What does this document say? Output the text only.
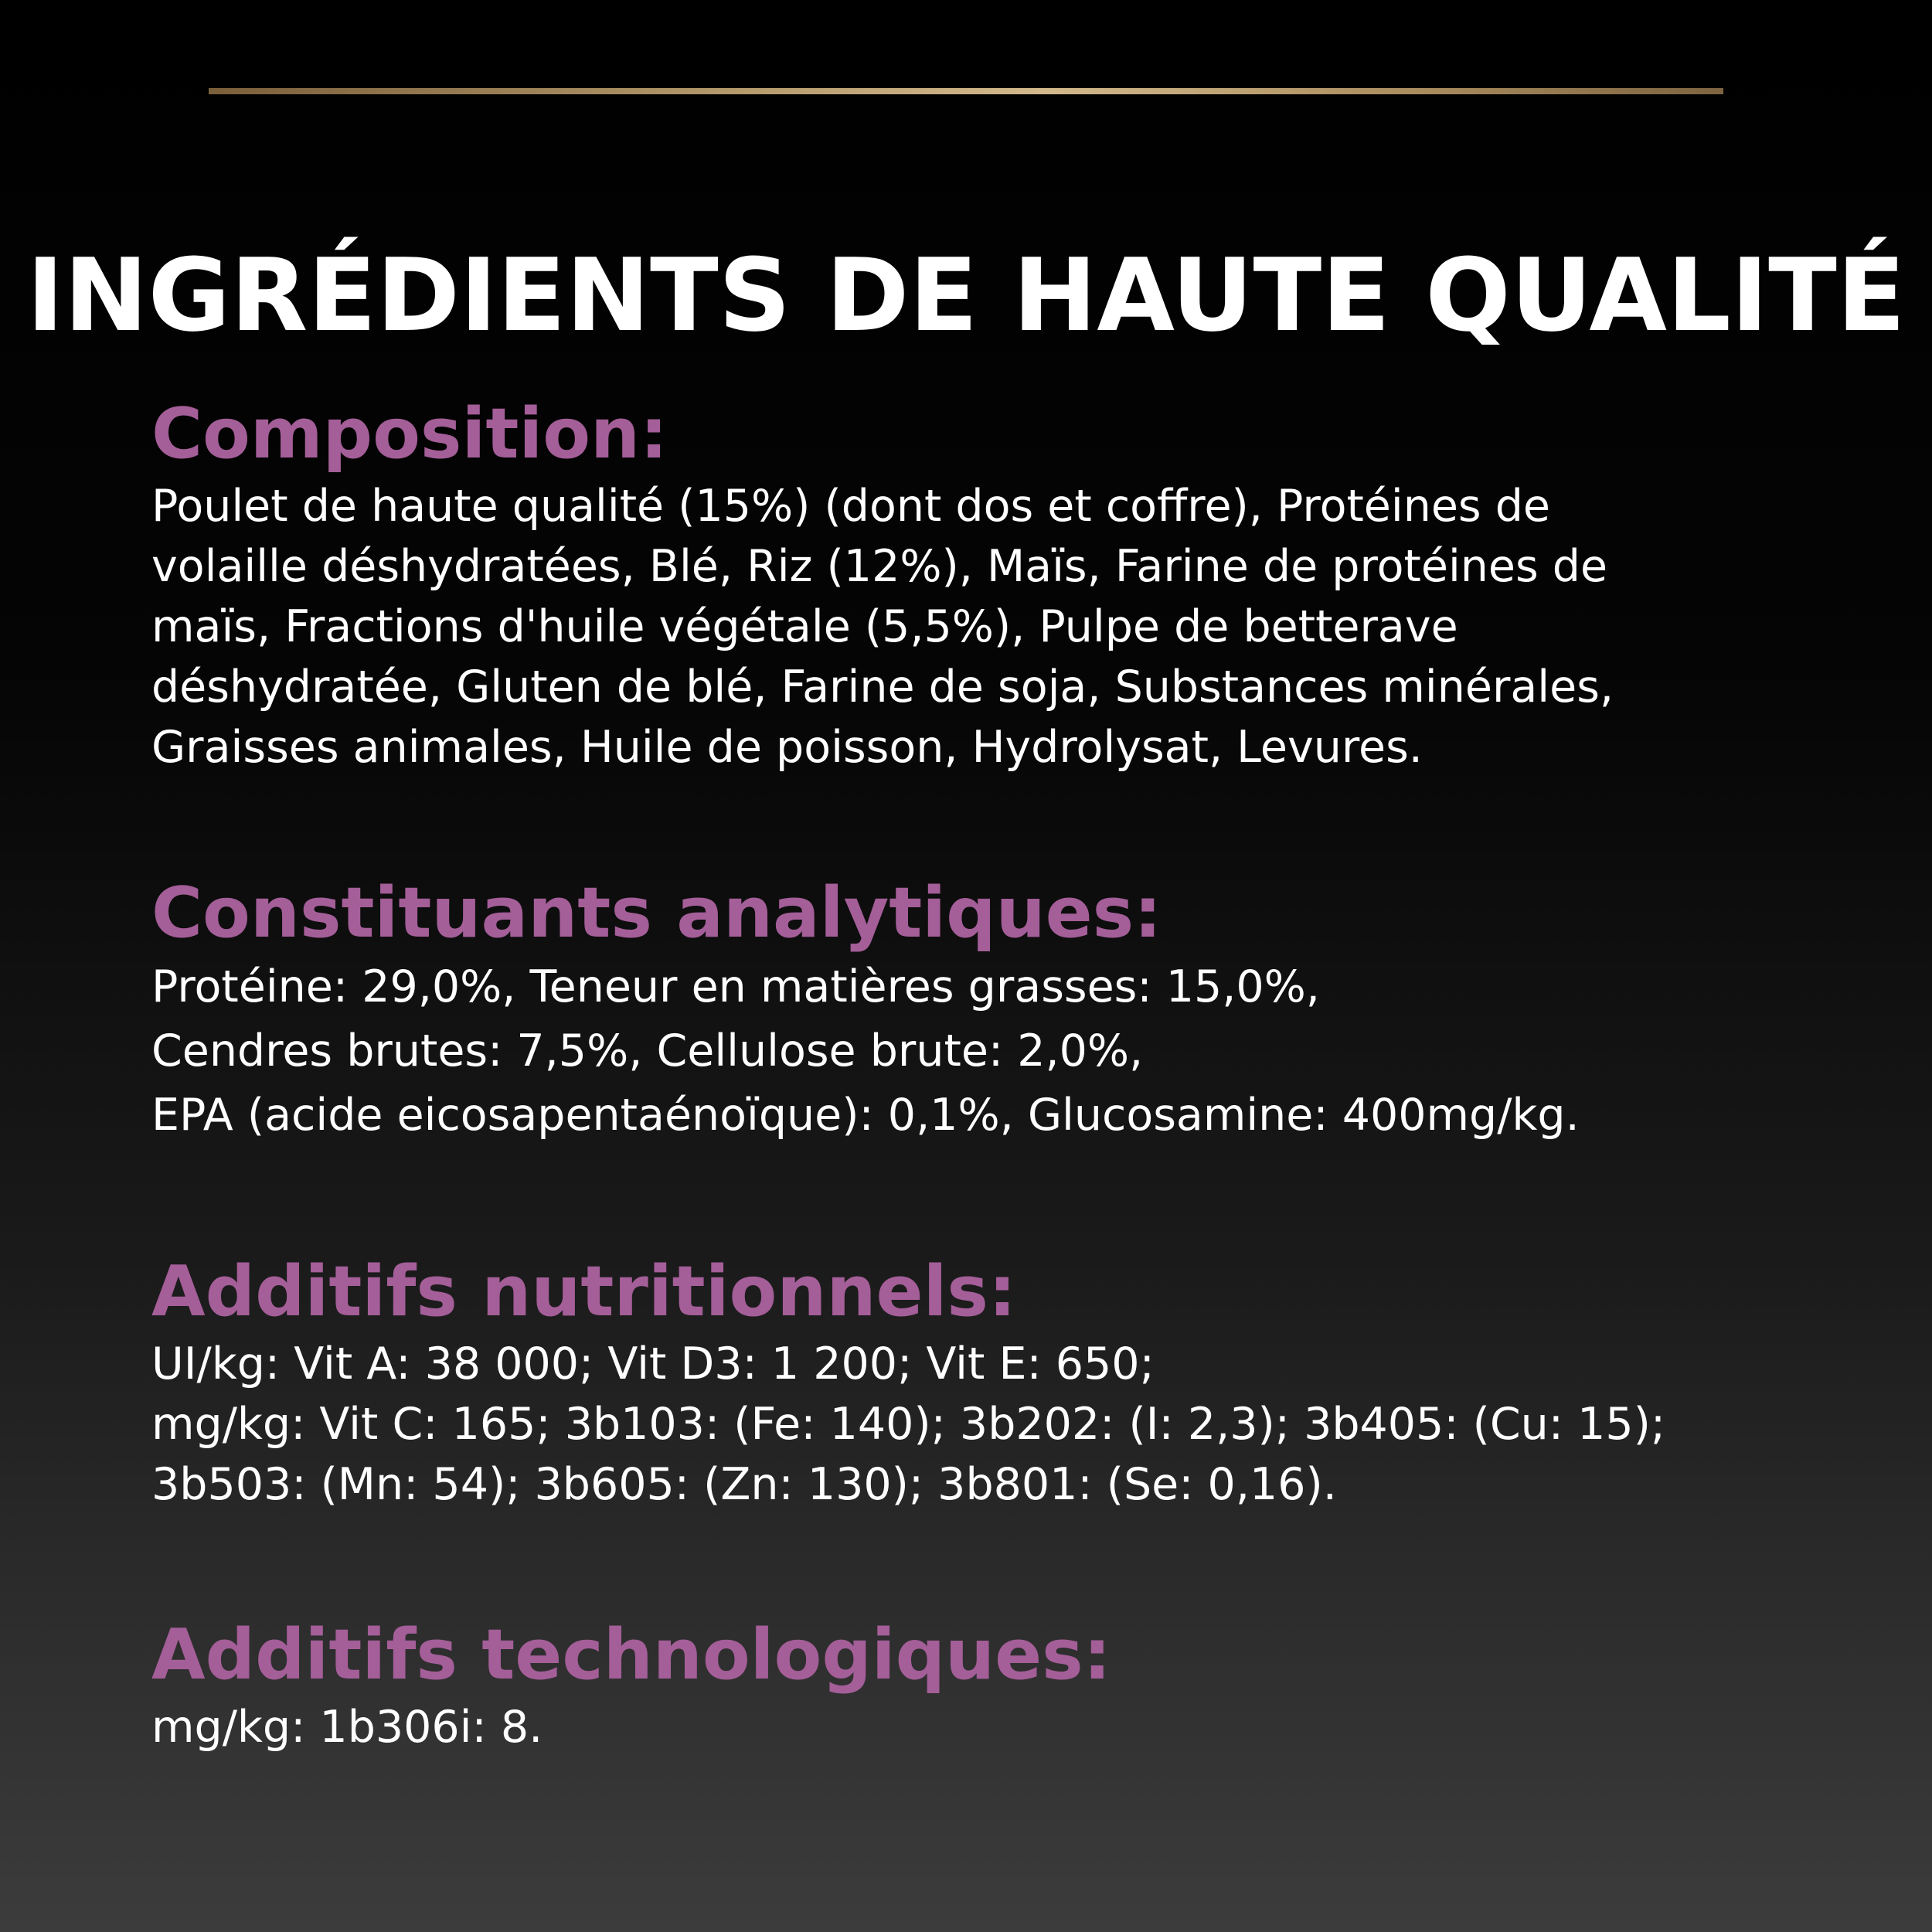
INGRÉDIENTS DE HAUTE QUALITÉ
Composition:

Poulet de haute qualité (15%) (dont dos et coffre), Protéines de
volaille déshydratées, Blé, Riz (12%), Maïs, Farine de protéines de
maïs, Fractions d'huile végétale (5,5%), Pulpe de betterave
déshydratée, Gluten de blé, Farine de soja, Substances minérales,
Graisses animales, Huile de poisson, Hydrolysat, Levures.

Constituants analytiques:

Protéine: 29,0%, Teneur en matières grasses: 15,0%,
Cendres brutes: 7,5%, Cellulose brute: 2,0%,
EPA (acide eicosapentaénoïque): 0,1%, Glucosamine: 400mg/kg.

Additifs nutritionnels:

UI/kg: Vit A: 38 000; Vit D3: 1 200; Vit E: 650;
mg/kg: Vit C: 165; 3b103: (Fe: 140); 3b202: (I: 2,3); 3b405: (Cu: 15);
3b503: (Mn: 54); 3b605: (Zn: 130); 3b801: (Se: 0,16).

Additifs technologiques:

mg/kg: 1b306i: 8.
